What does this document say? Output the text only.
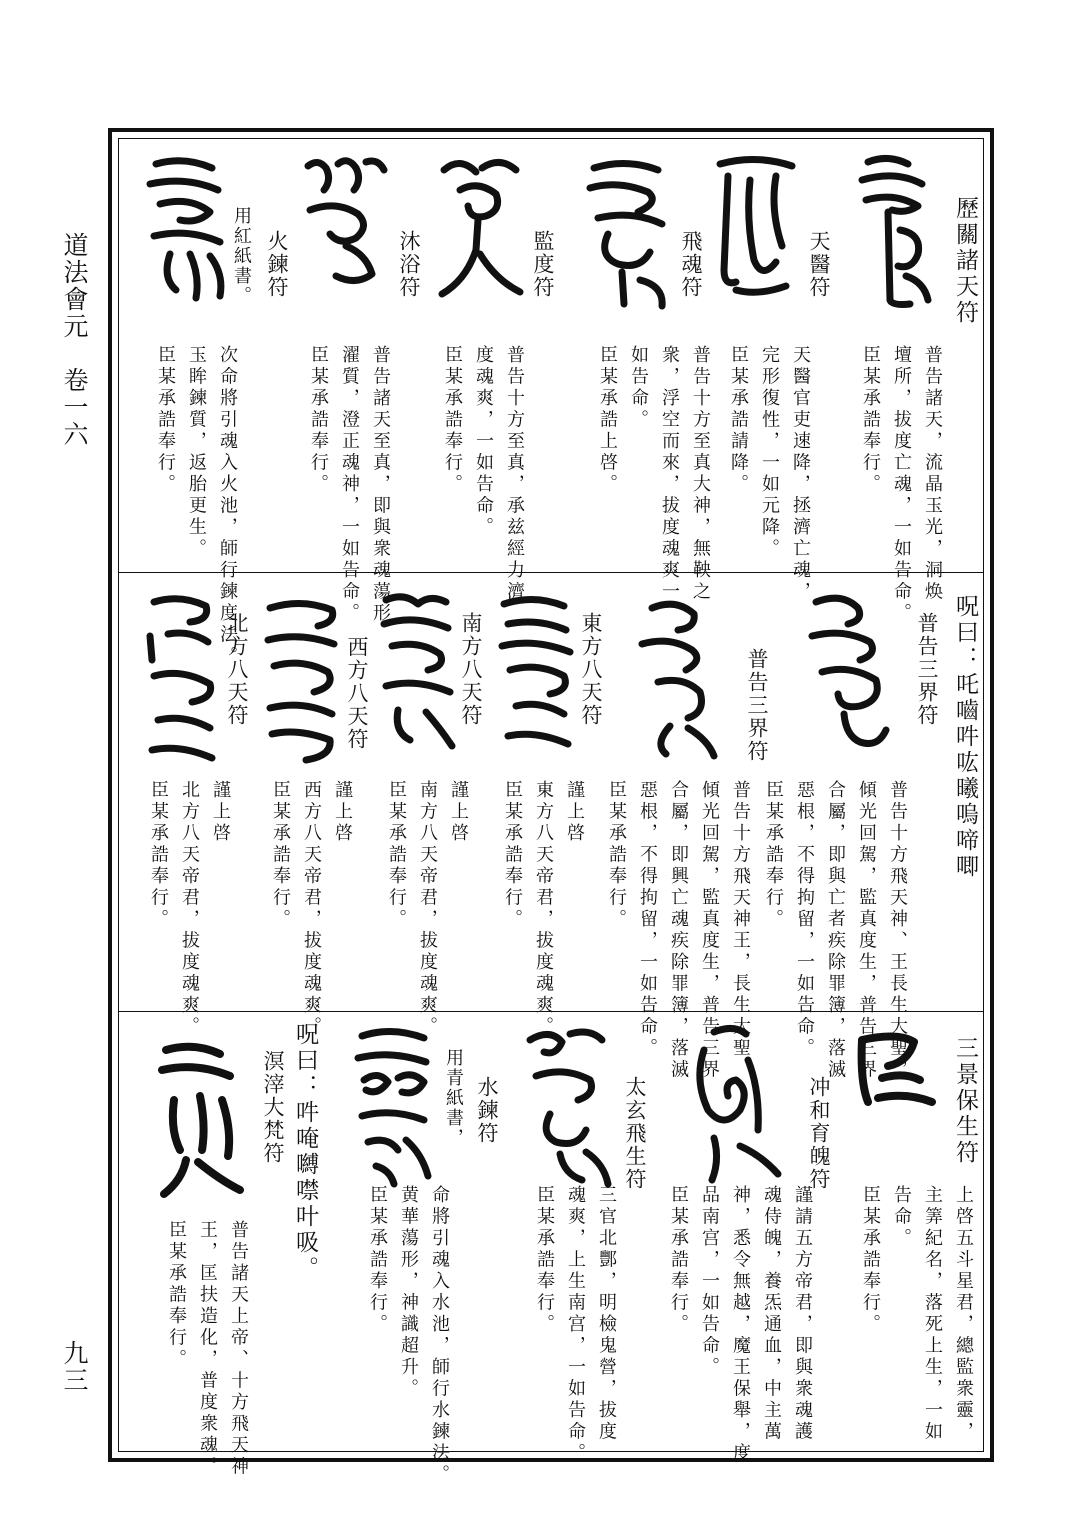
道法會元　卷一六
九三
歷關諸天符
普告諸天，流晶玉光，洞焕
壇所，拔度亡魂，一如告命。
臣某承誥奉行。
天醫符
天醫官吏速降，拯濟亡魂，
完形復性，一如元降。
臣某承誥請降。
飛魂符
普告十方至真大神，無鞅之
衆，浮空而來，拔度魂爽一
如告命。
臣某承誥上啓。
監度符
普告十方至真，承兹經力濟
度魂爽，一如告命。
臣某承誥奉行。
沐浴符
普告諸天至真，即與衆魂蕩形
濯質，澄正魂神，一如告命。
臣某承誥奉行。
火鍊符
用紅紙書。
次命將引魂入火池，師行鍊度法。
玉眸鍊質，返胎更生。
臣某承誥奉行。
呪曰：吒嚙吽吰曦嗚啼唧
普告三界符
普告十方飛天神、王長生大聖，
傾光回駕，監真度生，普告三界
合屬，即與亡者疾除罪簿，落滅
惡根，不得拘留，一如告命。
臣某承誥奉行。
普告三界符
普告十方飛天神王，長生大聖，
傾光回駕，監真度生，普告三界
合屬，即興亡魂疾除罪簿，落滅
惡根，不得拘留，一如告命。
臣某承誥奉行。
東方八天符
謹上啓
東方八天帝君，拔度魂爽。
臣某承誥奉行。
南方八天符
謹上啓
南方八天帝君，拔度魂爽。
臣某承誥奉行。
西方八天符
謹上啓
西方八天帝君，拔度魂爽。
臣某承誥奉行。
北方八天符
謹上啓
北方八天帝君，拔度魂爽。
臣某承誥奉行。
三景保生符
上啓五斗星君，總監衆靈，
主筭紀名，落死上生，一如
告命。
臣某承誥奉行。
冲和育魄符
謹請五方帝君，即與衆魂護
魂侍魄，養炁通血，中主萬
神，悉令無越，魔王保舉，度
品南宫，一如告命。
臣某承誥奉行。
太玄飛生符
三官北酆，明檢鬼營，拔度
魂爽，上生南宫，一如告命。
臣某承誥奉行。
水鍊符
用青紙書，
命將引魂入水池，師行水鍊法。
黄華蕩形，神識超升。
臣某承誥奉行。
呪曰：吽唵嚩噤叶吸。
溟滓大梵符
普告諸天上帝、十方飛天神
王，匡扶造化，普度衆魂。
臣某承誥奉行。
